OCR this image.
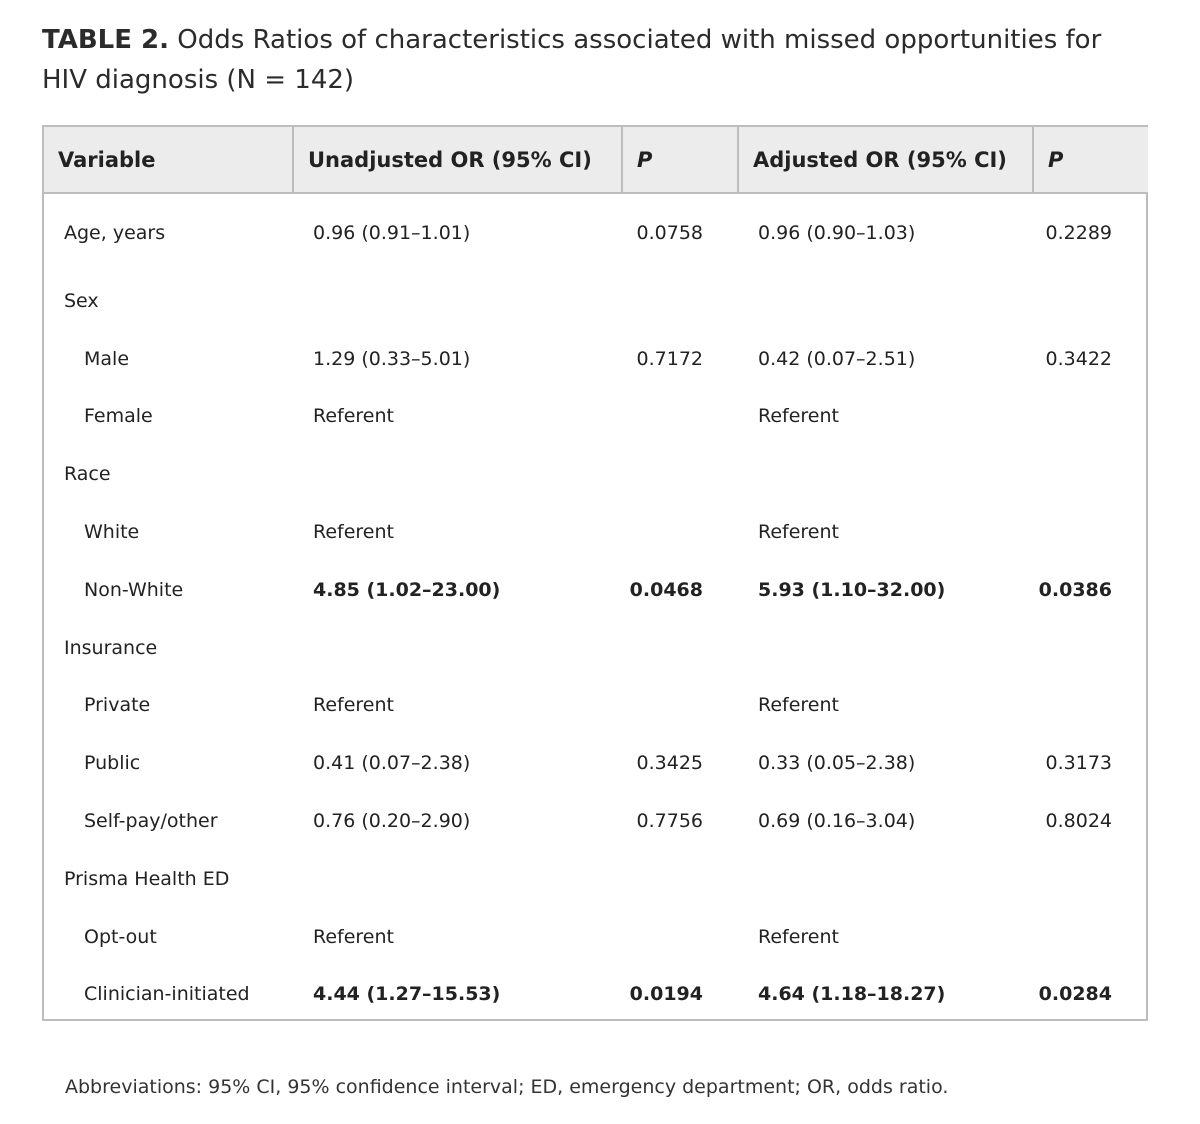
TABLE 2. Odds Ratios of characteristics associated with missed opportunities for HIV diagnosis (N = 142)
Variable	Unadjusted OR (95% CI)	P	Adjusted OR (95% CI)	P
Age, years	0.96 (0.91–1.01)	0.0758	0.96 (0.90–1.03)	0.2289
Sex				
Male	1.29 (0.33–5.01)	0.7172	0.42 (0.07–2.51)	0.3422
Female	Referent		Referent	
Race				
White	Referent		Referent	
Non-White	4.85 (1.02–23.00)	0.0468	5.93 (1.10–32.00)	0.0386
Insurance				
Private	Referent		Referent	
Public	0.41 (0.07–2.38)	0.3425	0.33 (0.05–2.38)	0.3173
Self-pay/other	0.76 (0.20–2.90)	0.7756	0.69 (0.16–3.04)	0.8024
Prisma Health ED				
Opt-out	Referent		Referent	
Clinician-initiated	4.44 (1.27–15.53)	0.0194	4.64 (1.18–18.27)	0.0284
Abbreviations: 95% CI, 95% confidence interval; ED, emergency department; OR, odds ratio.
